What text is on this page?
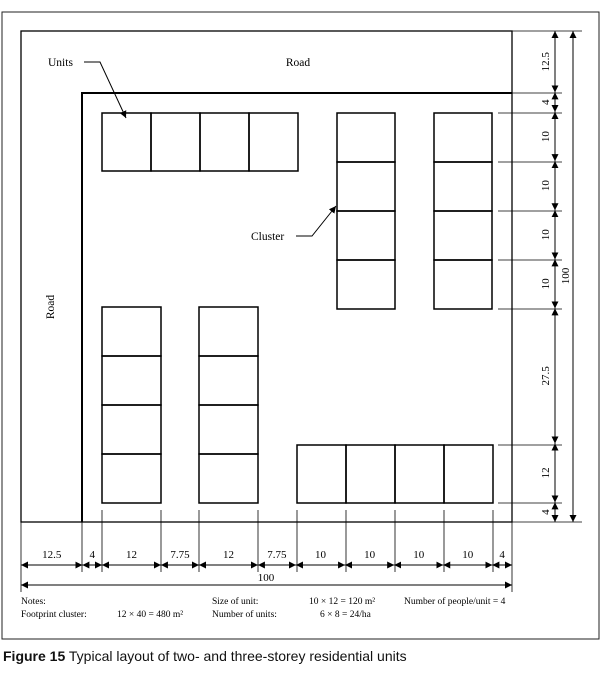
Road
Road
Units
Cluster
12.5	4	12	7.75	12	7.75	10	10	10	10 4
100
12.5
4
10
10
10
10
27.5
12
4
100
Notes:	Size of unit:	10 × 12 = 120 m²	Number of people/unit = 4
Footprint cluster:	12 × 40 = 480 m²	Number of units:	6 × 8 = 24/ha
Figure 15 Typical layout of two- and three-storey residential units
